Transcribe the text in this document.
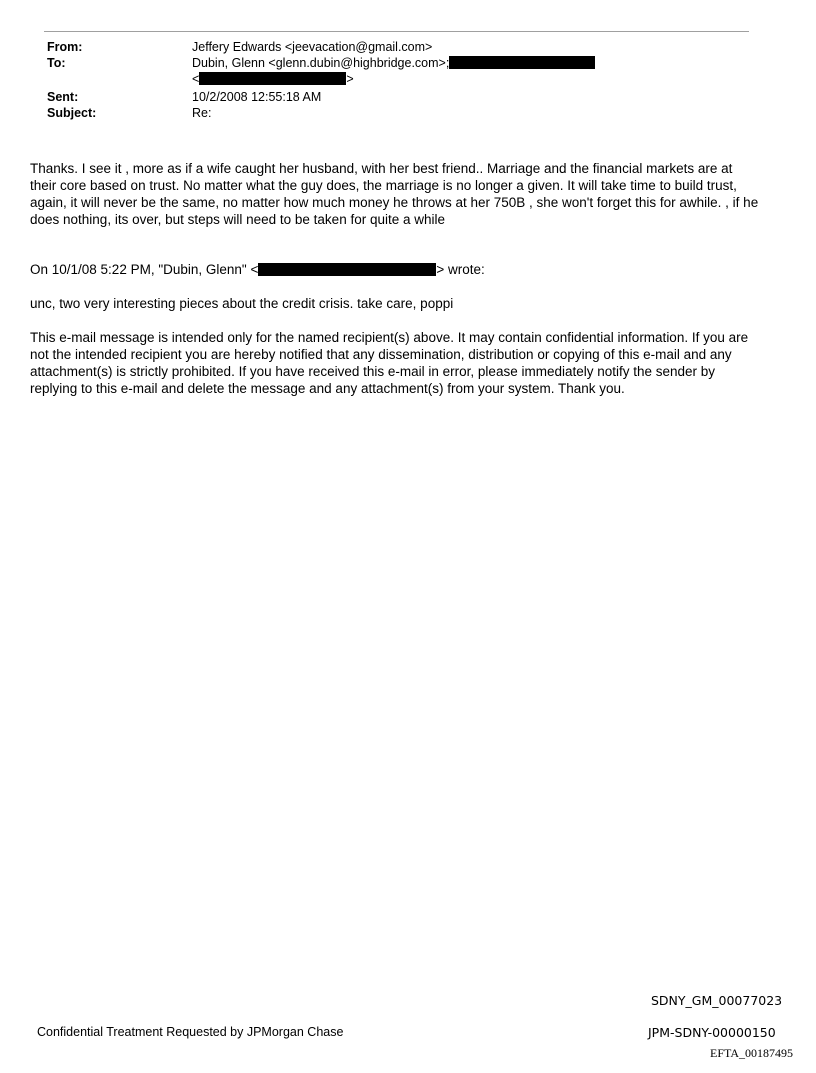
From:	Jeffery Edwards <jeevacation@gmail.com>
To:	Dubin, Glenn <glenn.dubin@highbridge.com>;
<	>
Sent:	10/2/2008 12:55:18 AM
Subject:	Re:

Thanks. I see it , more as if a wife caught her husband, with her best friend.. Marriage and the financial markets are at their core based on trust. No matter what the guy does, the marriage is no longer a given. It will take time to build trust, again, it will never be the same, no matter how much money he throws at her 750B , she won't forget this for awhile. , if he does nothing, its over, but steps will need to be taken for quite a while

On 10/1/08 5:22 PM, "Dubin, Glenn" <	> wrote:

unc, two very interesting pieces about the credit crisis. take care, poppi

This e-mail message is intended only for the named recipient(s) above. It may contain confidential information. If you are not the intended recipient you are hereby notified that any dissemination, distribution or copying of this e-mail and any attachment(s) is strictly prohibited. If you have received this e-mail in error, please immediately notify the sender by replying to this e-mail and delete the message and any attachment(s) from your system. Thank you.

SDNY_GM_00077023
Confidential Treatment Requested by JPMorgan Chase	JPM-SDNY-00000150
EFTA_00187495
